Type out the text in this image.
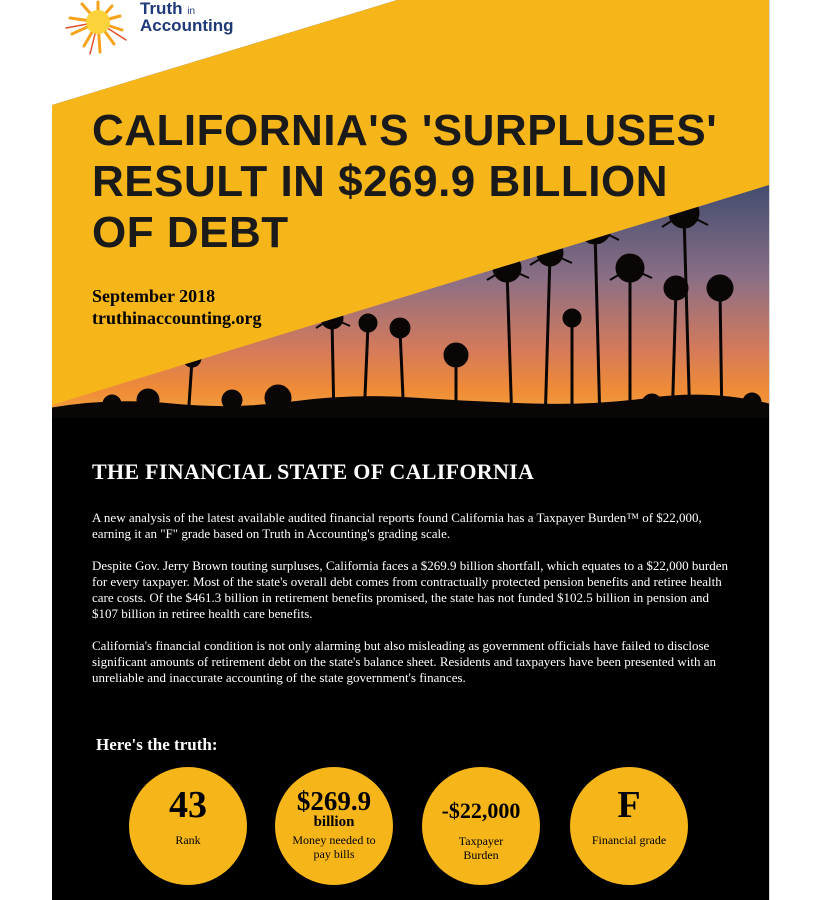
Truth in
Accounting
CALIFORNIA'S 'SURPLUSES' RESULT IN $269.9 BILLION OF DEBT
September 2018
truthinaccounting.org
THE FINANCIAL STATE OF CALIFORNIA

A new analysis of the latest available audited financial reports found California has a Taxpayer Burden™ of $22,000, earning it an "F" grade based on Truth in Accounting's grading scale.

Despite Gov. Jerry Brown touting surpluses, California faces a $269.9 billion shortfall, which equates to a $22,000 burden for every taxpayer. Most of the state's overall debt comes from contractually protected pension benefits and retiree health care costs. Of the $461.3 billion in retirement benefits promised, the state has not funded $102.5 billion in pension and $107 billion in retiree health care benefits.

California's financial condition is not only alarming but also misleading as government officials have failed to disclose significant amounts of retirement debt on the state's balance sheet. Residents and taxpayers have been presented with an unreliable and inaccurate accounting of the state government's finances.

Here's the truth:
43
Rank
$269.9
billion
Money needed to pay bills
-$22,000
Taxpayer Burden
F
Financial grade
